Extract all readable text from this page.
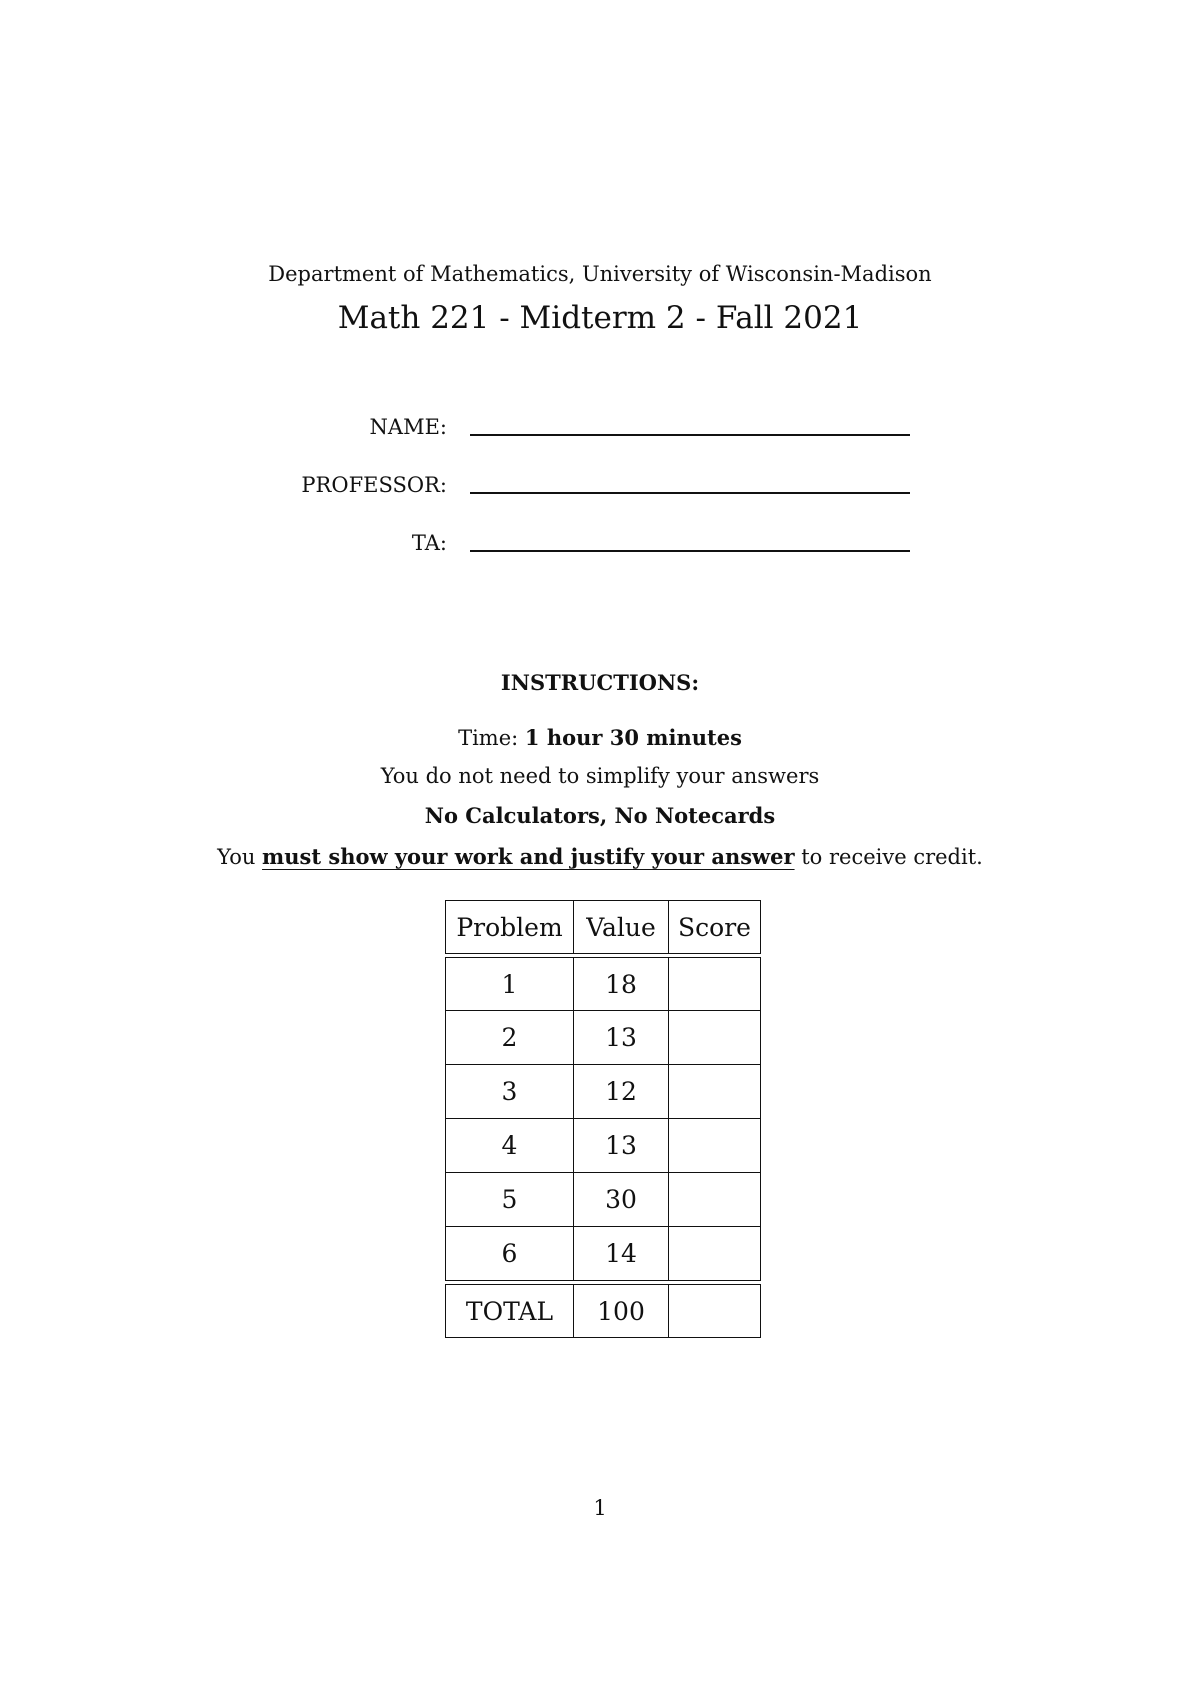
Department of Mathematics, University of Wisconsin-Madison
Math 221 - Midterm 2 - Fall 2021
NAME:
PROFESSOR:
TA:
INSTRUCTIONS:
Time: 1 hour 30 minutes
You do not need to simplify your answers
No Calculators, No Notecards
You must show your work and justify your answer to receive credit.
Problem Value Score
1	18
2	13
3	12
4	13
5	30
6	14
TOTAL	100
1
